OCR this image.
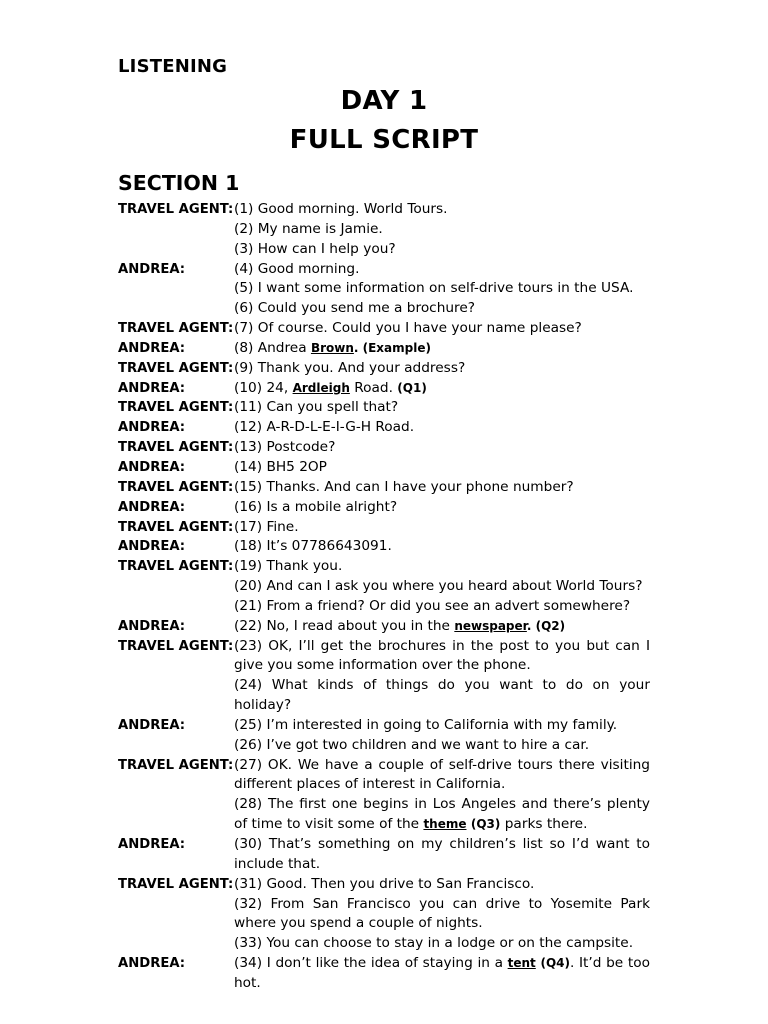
LISTENING
DAY 1
FULL SCRIPT
SECTION 1
TRAVEL AGENT: (1) Good morning. World Tours.
(2) My name is Jamie.
(3) How can I help you?
ANDREA:	(4) Good morning.
(5) I want some information on self-drive tours in the USA.
(6) Could you send me a brochure?
TRAVEL AGENT: (7) Of course. Could you I have your name please?
ANDREA:	(8) Andrea Brown. (Example)
TRAVEL AGENT: (9) Thank you. And your address?
ANDREA:	(10) 24, Ardleigh Road. (Q1)
TRAVEL AGENT: (11) Can you spell that?
ANDREA:	(12) A-R-D-L-E-I-G-H Road.
TRAVEL AGENT: (13) Postcode?
ANDREA:	(14) BH5 2OP
TRAVEL AGENT: (15) Thanks. And can I have your phone number?
ANDREA:	(16) Is a mobile alright?
TRAVEL AGENT: (17) Fine.
ANDREA:	(18) It’s 07786643091.
TRAVEL AGENT: (19) Thank you.
(20) And can I ask you where you heard about World Tours?
(21) From a friend? Or did you see an advert somewhere?
ANDREA:	(22) No, I read about you in the newspaper. (Q2)
TRAVEL AGENT: (23) OK, I’ll get the brochures in the post to you but can I give you some information over the phone.
(24) What kinds of things do you want to do on your holiday?
ANDREA:	(25) I’m interested in going to California with my family.
(26) I’ve got two children and we want to hire a car.
TRAVEL AGENT: (27) OK. We have a couple of self-drive tours there visiting different places of interest in California.
(28) The first one begins in Los Angeles and there’s plenty of time to visit some of the theme (Q3) parks there.
ANDREA:	(30) That’s something on my children’s list so I’d want to include that.
TRAVEL AGENT: (31) Good. Then you drive to San Francisco.
(32) From San Francisco you can drive to Yosemite Park where you spend a couple of nights.
(33) You can choose to stay in a lodge or on the campsite.
ANDREA:	(34) I don’t like the idea of staying in a tent (Q4). It’d be too hot.
